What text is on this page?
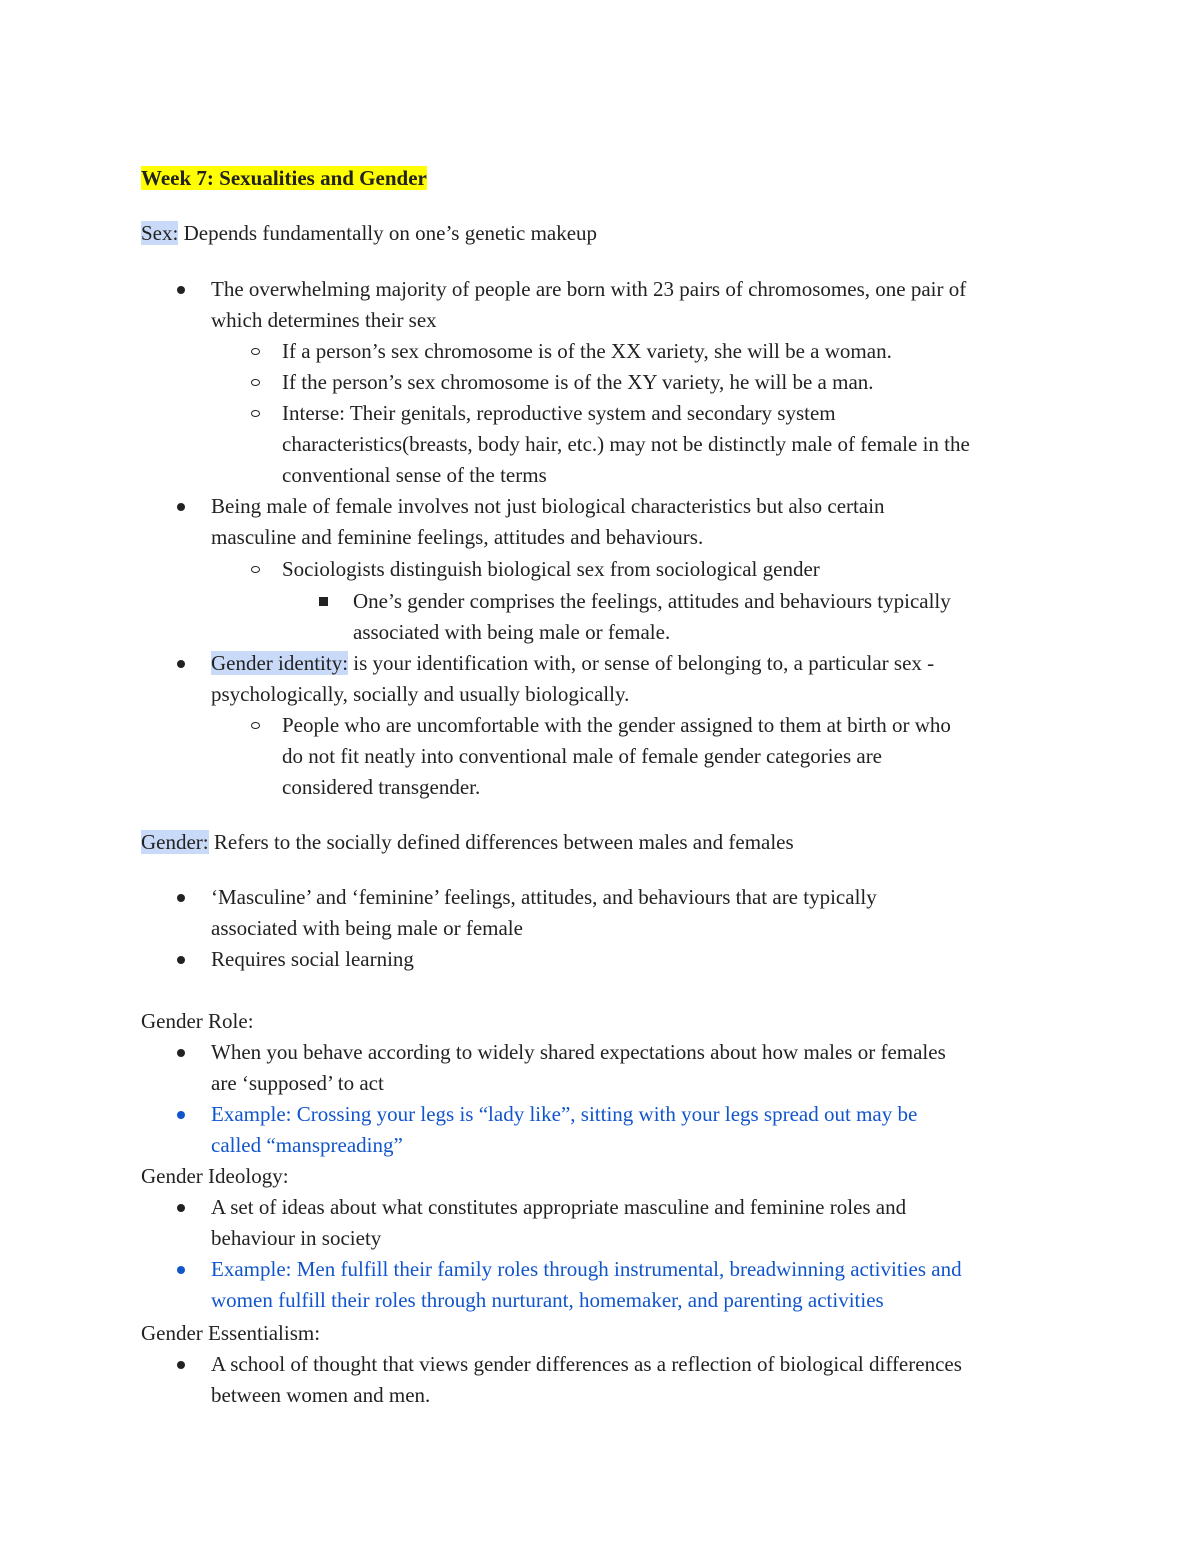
Week 7: Sexualities and Gender
Sex: Depends fundamentally on one’s genetic makeup
The overwhelming majority of people are born with 23 pairs of chromosomes, one pair of
which determines their sex
If a person’s sex chromosome is of the XX variety, she will be a woman.
If the person’s sex chromosome is of the XY variety, he will be a man.
Interse: Their genitals, reproductive system and secondary system
characteristics(breasts, body hair, etc.) may not be distinctly male of female in the
conventional sense of the terms
Being male of female involves not just biological characteristics but also certain
masculine and feminine feelings, attitudes and behaviours.
Sociologists distinguish biological sex from sociological gender
One’s gender comprises the feelings, attitudes and behaviours typically
associated with being male or female.
Gender identity: is your identification with, or sense of belonging to, a particular sex -
psychologically, socially and usually biologically.
People who are uncomfortable with the gender assigned to them at birth or who
do not fit neatly into conventional male of female gender categories are
considered transgender.
Gender: Refers to the socially defined differences between males and females
‘Masculine’ and ‘feminine’ feelings, attitudes, and behaviours that are typically
associated with being male or female
Requires social learning
Gender Role:
When you behave according to widely shared expectations about how males or females
are ‘supposed’ to act
Example: Crossing your legs is “lady like”, sitting with your legs spread out may be
called “manspreading”
Gender Ideology:
A set of ideas about what constitutes appropriate masculine and feminine roles and
behaviour in society
Example: Men fulfill their family roles through instrumental, breadwinning activities and
women fulfill their roles through nurturant, homemaker, and parenting activities
Gender Essentialism:
A school of thought that views gender differences as a reflection of biological differences
between women and men.
